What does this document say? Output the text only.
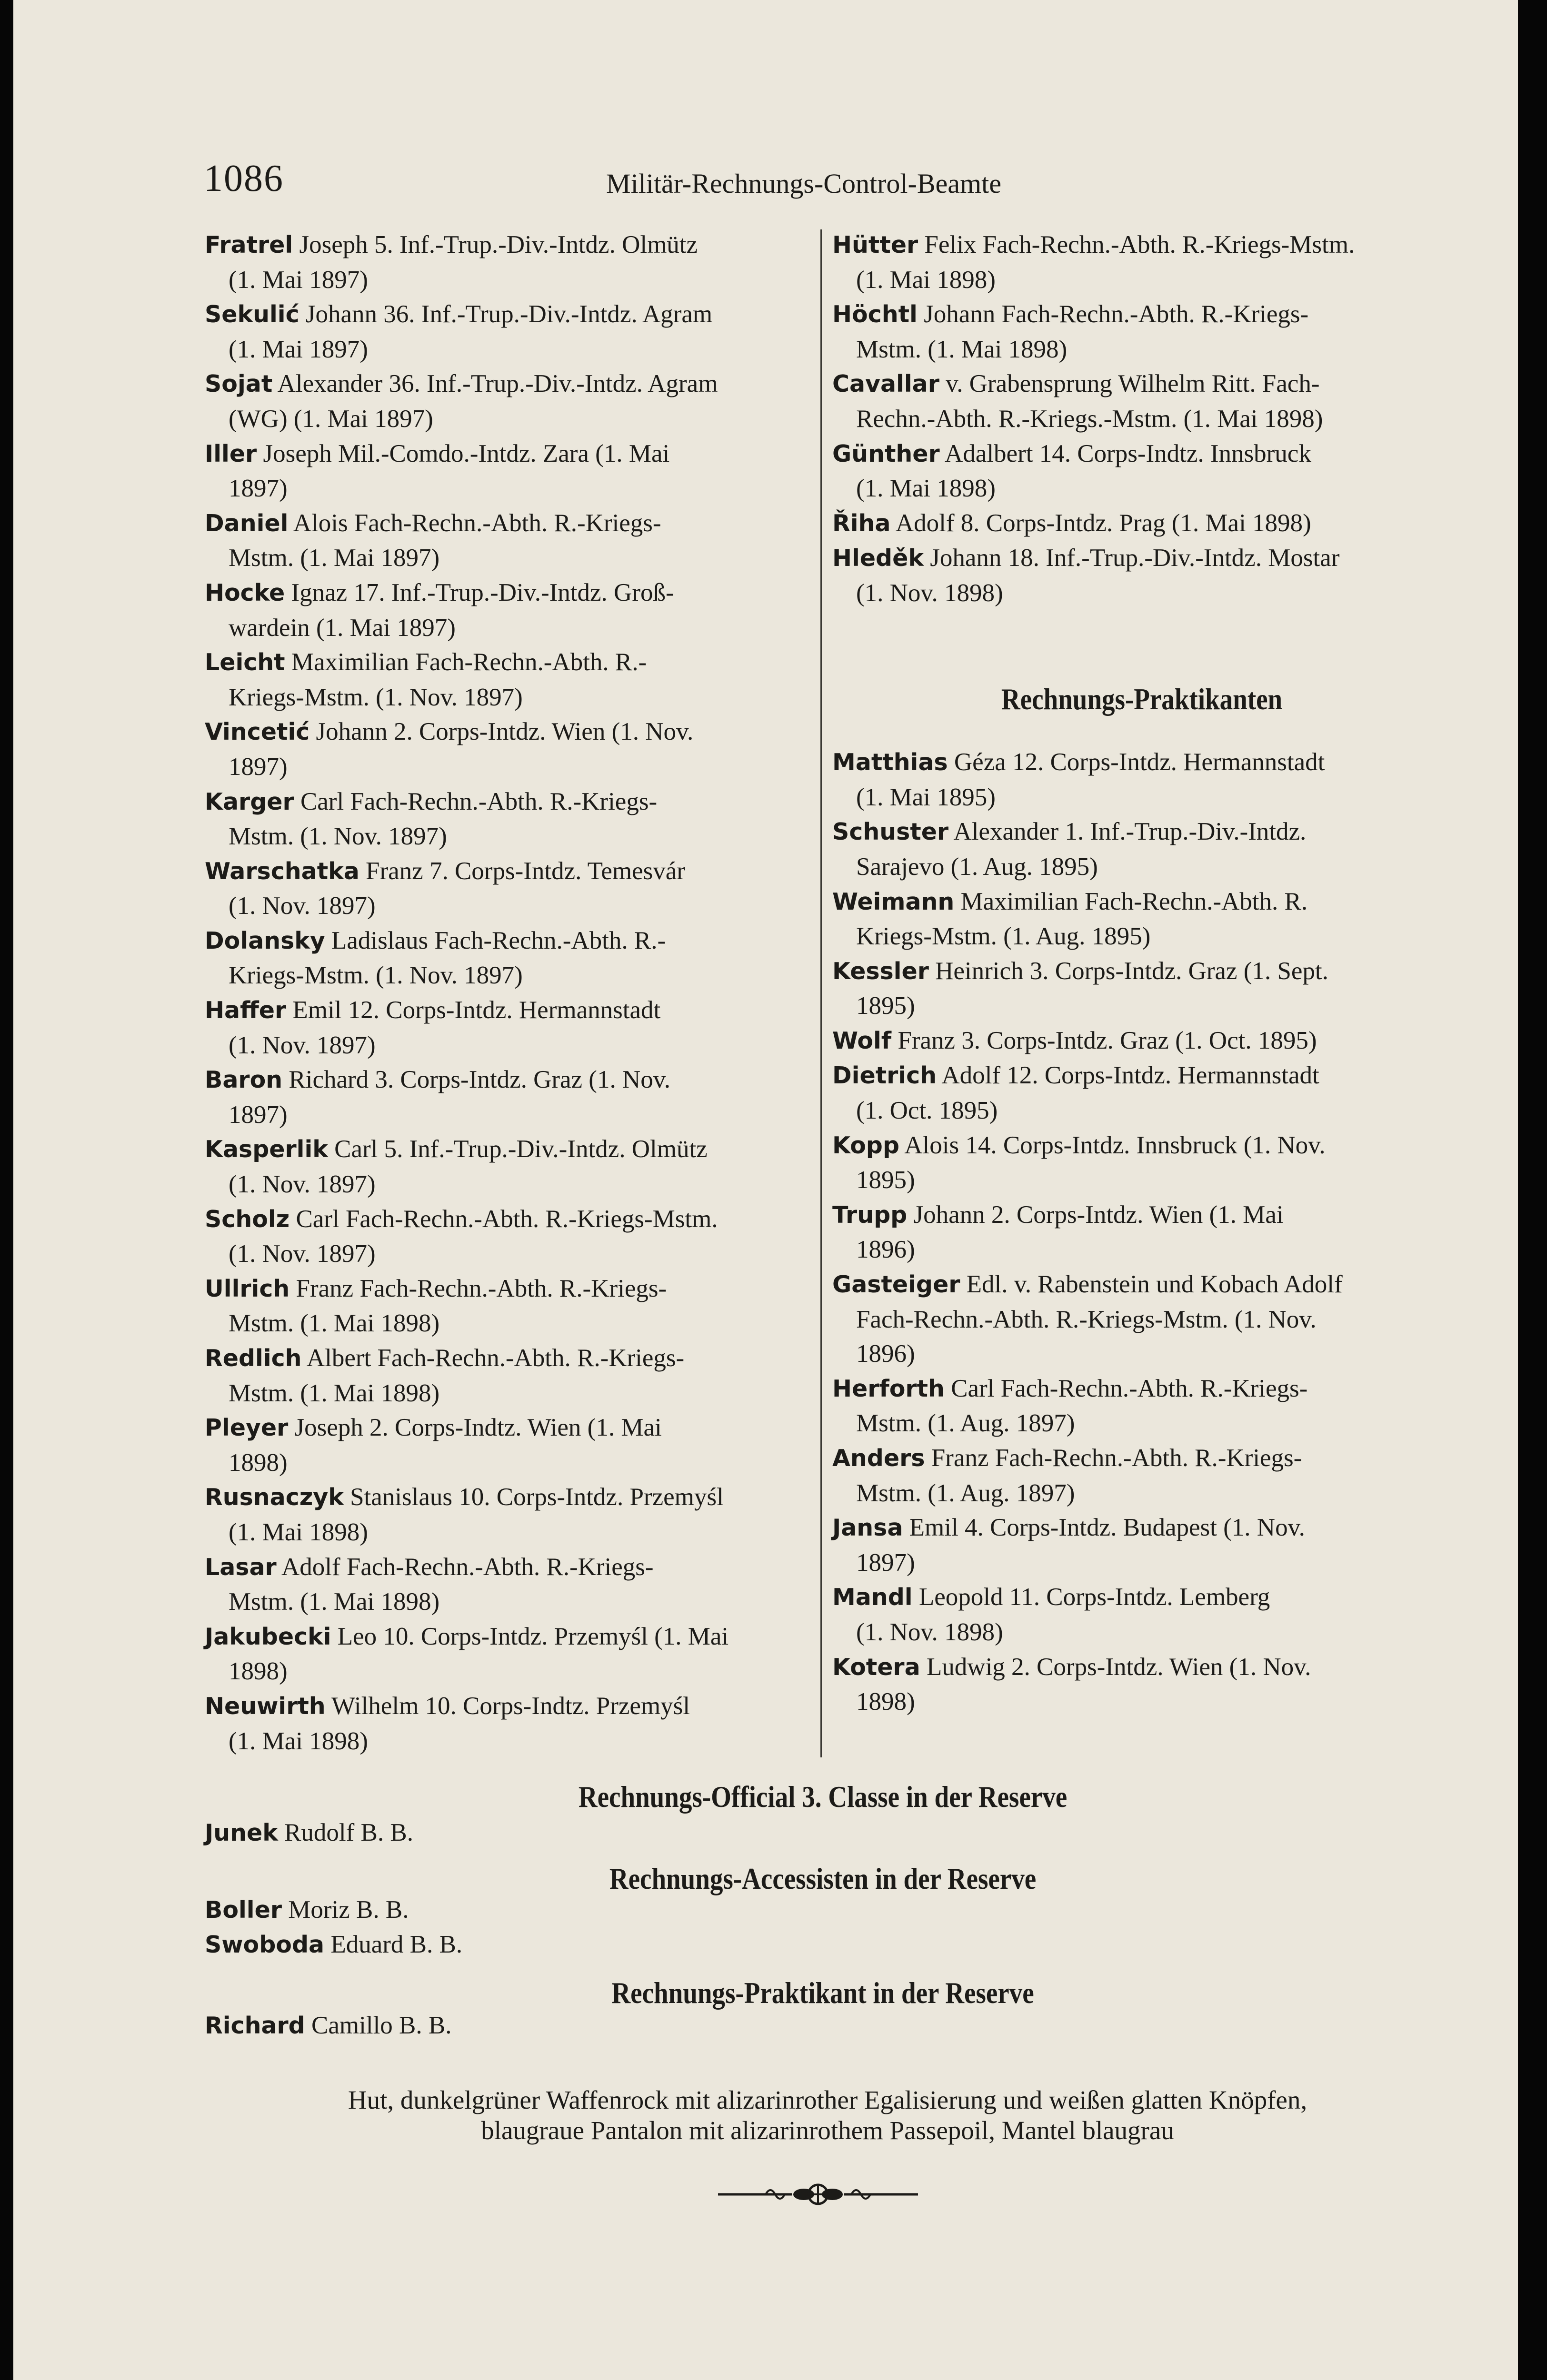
1086	Militär-Rechnungs-Control-Beamte
Fratrel Joseph 5. Inf.-Trup.-Div.-Intdz. Olmütz
(1. Mai 1897)
Sekulić Johann 36. Inf.-Trup.-Div.-Intdz. Agram
(1. Mai 1897)
Sojat Alexander 36. Inf.-Trup.-Div.-Intdz. Agram
(WG) (1. Mai 1897)
Iller Joseph Mil.-Comdo.-Intdz. Zara (1. Mai
1897)
Daniel Alois Fach-Rechn.-Abth. R.-Kriegs-
Mstm. (1. Mai 1897)
Hocke Ignaz 17. Inf.-Trup.-Div.-Intdz. Groß-
wardein (1. Mai 1897)
Leicht Maximilian Fach-Rechn.-Abth. R.-
Kriegs-Mstm. (1. Nov. 1897)
Vincetić Johann 2. Corps-Intdz. Wien (1. Nov.
1897)
Karger Carl Fach-Rechn.-Abth. R.-Kriegs-
Mstm. (1. Nov. 1897)
Warschatka Franz 7. Corps-Intdz. Temesvár
(1. Nov. 1897)
Dolansky Ladislaus Fach-Rechn.-Abth. R.-
Kriegs-Mstm. (1. Nov. 1897)
Haffer Emil 12. Corps-Intdz. Hermannstadt
(1. Nov. 1897)
Baron Richard 3. Corps-Intdz. Graz (1. Nov.
1897)
Kasperlik Carl 5. Inf.-Trup.-Div.-Intdz. Olmütz
(1. Nov. 1897)
Scholz Carl Fach-Rechn.-Abth. R.-Kriegs-Mstm.
(1. Nov. 1897)
Ullrich Franz Fach-Rechn.-Abth. R.-Kriegs-
Mstm. (1. Mai 1898)
Redlich Albert Fach-Rechn.-Abth. R.-Kriegs-
Mstm. (1. Mai 1898)
Pleyer Joseph 2. Corps-Indtz. Wien (1. Mai
1898)
Rusnaczyk Stanislaus 10. Corps-Intdz. Przemyśl
(1. Mai 1898)
Lasar Adolf Fach-Rechn.-Abth. R.-Kriegs-
Mstm. (1. Mai 1898)
Jakubecki Leo 10. Corps-Intdz. Przemyśl (1. Mai
1898)
Neuwirth Wilhelm 10. Corps-Indtz. Przemyśl
(1. Mai 1898)
Hütter Felix Fach-Rechn.-Abth. R.-Kriegs-Mstm.
(1. Mai 1898)
Höchtl Johann Fach-Rechn.-Abth. R.-Kriegs-
Mstm. (1. Mai 1898)
Cavallar v. Grabensprung Wilhelm Ritt. Fach-
Rechn.-Abth. R.-Kriegs.-Mstm. (1. Mai 1898)
Günther Adalbert 14. Corps-Indtz. Innsbruck
(1. Mai 1898)
Řiha Adolf 8. Corps-Intdz. Prag (1. Mai 1898)
Hleděk Johann 18. Inf.-Trup.-Div.-Intdz. Mostar
(1. Nov. 1898)
Rechnungs-Praktikanten
Matthias Géza 12. Corps-Intdz. Hermannstadt
(1. Mai 1895)
Schuster Alexander 1. Inf.-Trup.-Div.-Intdz.
Sarajevo (1. Aug. 1895)
Weimann Maximilian Fach-Rechn.-Abth. R.
Kriegs-Mstm. (1. Aug. 1895)
Kessler Heinrich 3. Corps-Intdz. Graz (1. Sept.
1895)
Wolf Franz 3. Corps-Intdz. Graz (1. Oct. 1895)
Dietrich Adolf 12. Corps-Intdz. Hermannstadt
(1. Oct. 1895)
Kopp Alois 14. Corps-Intdz. Innsbruck (1. Nov.
1895)
Trupp Johann 2. Corps-Intdz. Wien (1. Mai
1896)
Gasteiger Edl. v. Rabenstein und Kobach Adolf
Fach-Rechn.-Abth. R.-Kriegs-Mstm. (1. Nov.
1896)
Herforth Carl Fach-Rechn.-Abth. R.-Kriegs-
Mstm. (1. Aug. 1897)
Anders Franz Fach-Rechn.-Abth. R.-Kriegs-
Mstm. (1. Aug. 1897)
Jansa Emil 4. Corps-Intdz. Budapest (1. Nov.
1897)
Mandl Leopold 11. Corps-Intdz. Lemberg
(1. Nov. 1898)
Kotera Ludwig 2. Corps-Intdz. Wien (1. Nov.
1898)
Rechnungs-Official 3. Classe in der Reserve
Junek Rudolf B. B.
Rechnungs-Accessisten in der Reserve
Boller Moriz B. B.
Swoboda Eduard B. B.
Rechnungs-Praktikant in der Reserve
Richard Camillo B. B.
Hut, dunkelgrüner Waffenrock mit alizarinrother Egalisierung und weißen glatten Knöpfen,
blaugraue Pantalon mit alizarinrothem Passepoil, Mantel blaugrau
